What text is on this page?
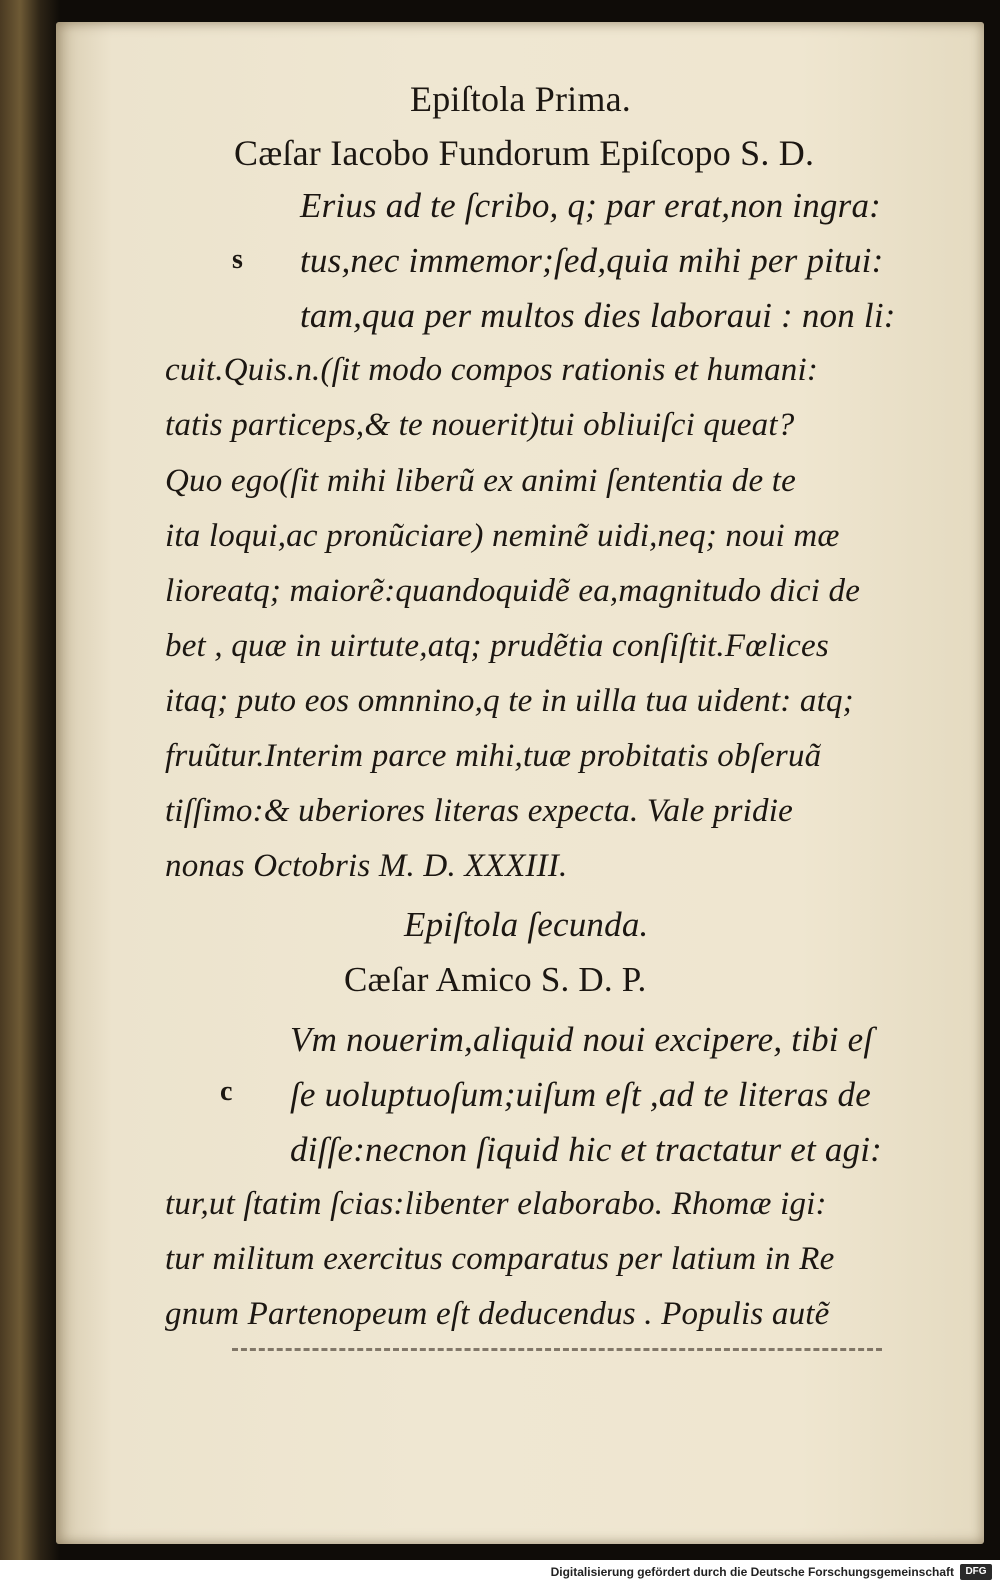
Epiſtola Prima.
Cæſar Iacobo Fundorum Epiſcopo S. D.
s
Erius ad te ſcribo, q; par erat,non ingra:
tus,nec immemor;ſed,quia mihi per pitui:
tam,qua per multos dies laboraui : non li:
cuit.Quis.n.(ſit modo compos rationis et humani:
tatis particeps,& te nouerit)tui obliuiſci queat?
Quo ego(ſit mihi liberũ ex animi ſententia de te
ita loqui,ac pronũciare) neminẽ uidi,neq; noui mæ
lioreatq; maiorẽ:quandoquidẽ ea,magnitudo dici de
bet , quæ in uirtute,atq; prudẽtia conſiſtit.Fœlices
itaq; puto eos omnnino,q te in uilla tua uident: atq;
fruũtur.Interim parce mihi,tuæ probitatis obſeruã
tiſſimo:& uberiores literas expecta. Vale pridie
nonas Octobris M. D. XXXIII.
Epiſtola ſecunda.
Cæſar Amico S. D. P.
c
Vm nouerim,aliquid noui excipere, tibi eſ
ſe uoluptuoſum;uiſum eſt ,ad te literas de
diſſe:necnon ſiquid hic et tractatur et agi:
tur,ut ſtatim ſcias:libenter elaborabo. Rhomæ igi:
tur militum exercitus comparatus per latium in Re
gnum Partenopeum eſt deducendus . Populis autẽ
Digitalisierung gefördert durch die Deutsche Forschungsgemeinschaft	DFG
